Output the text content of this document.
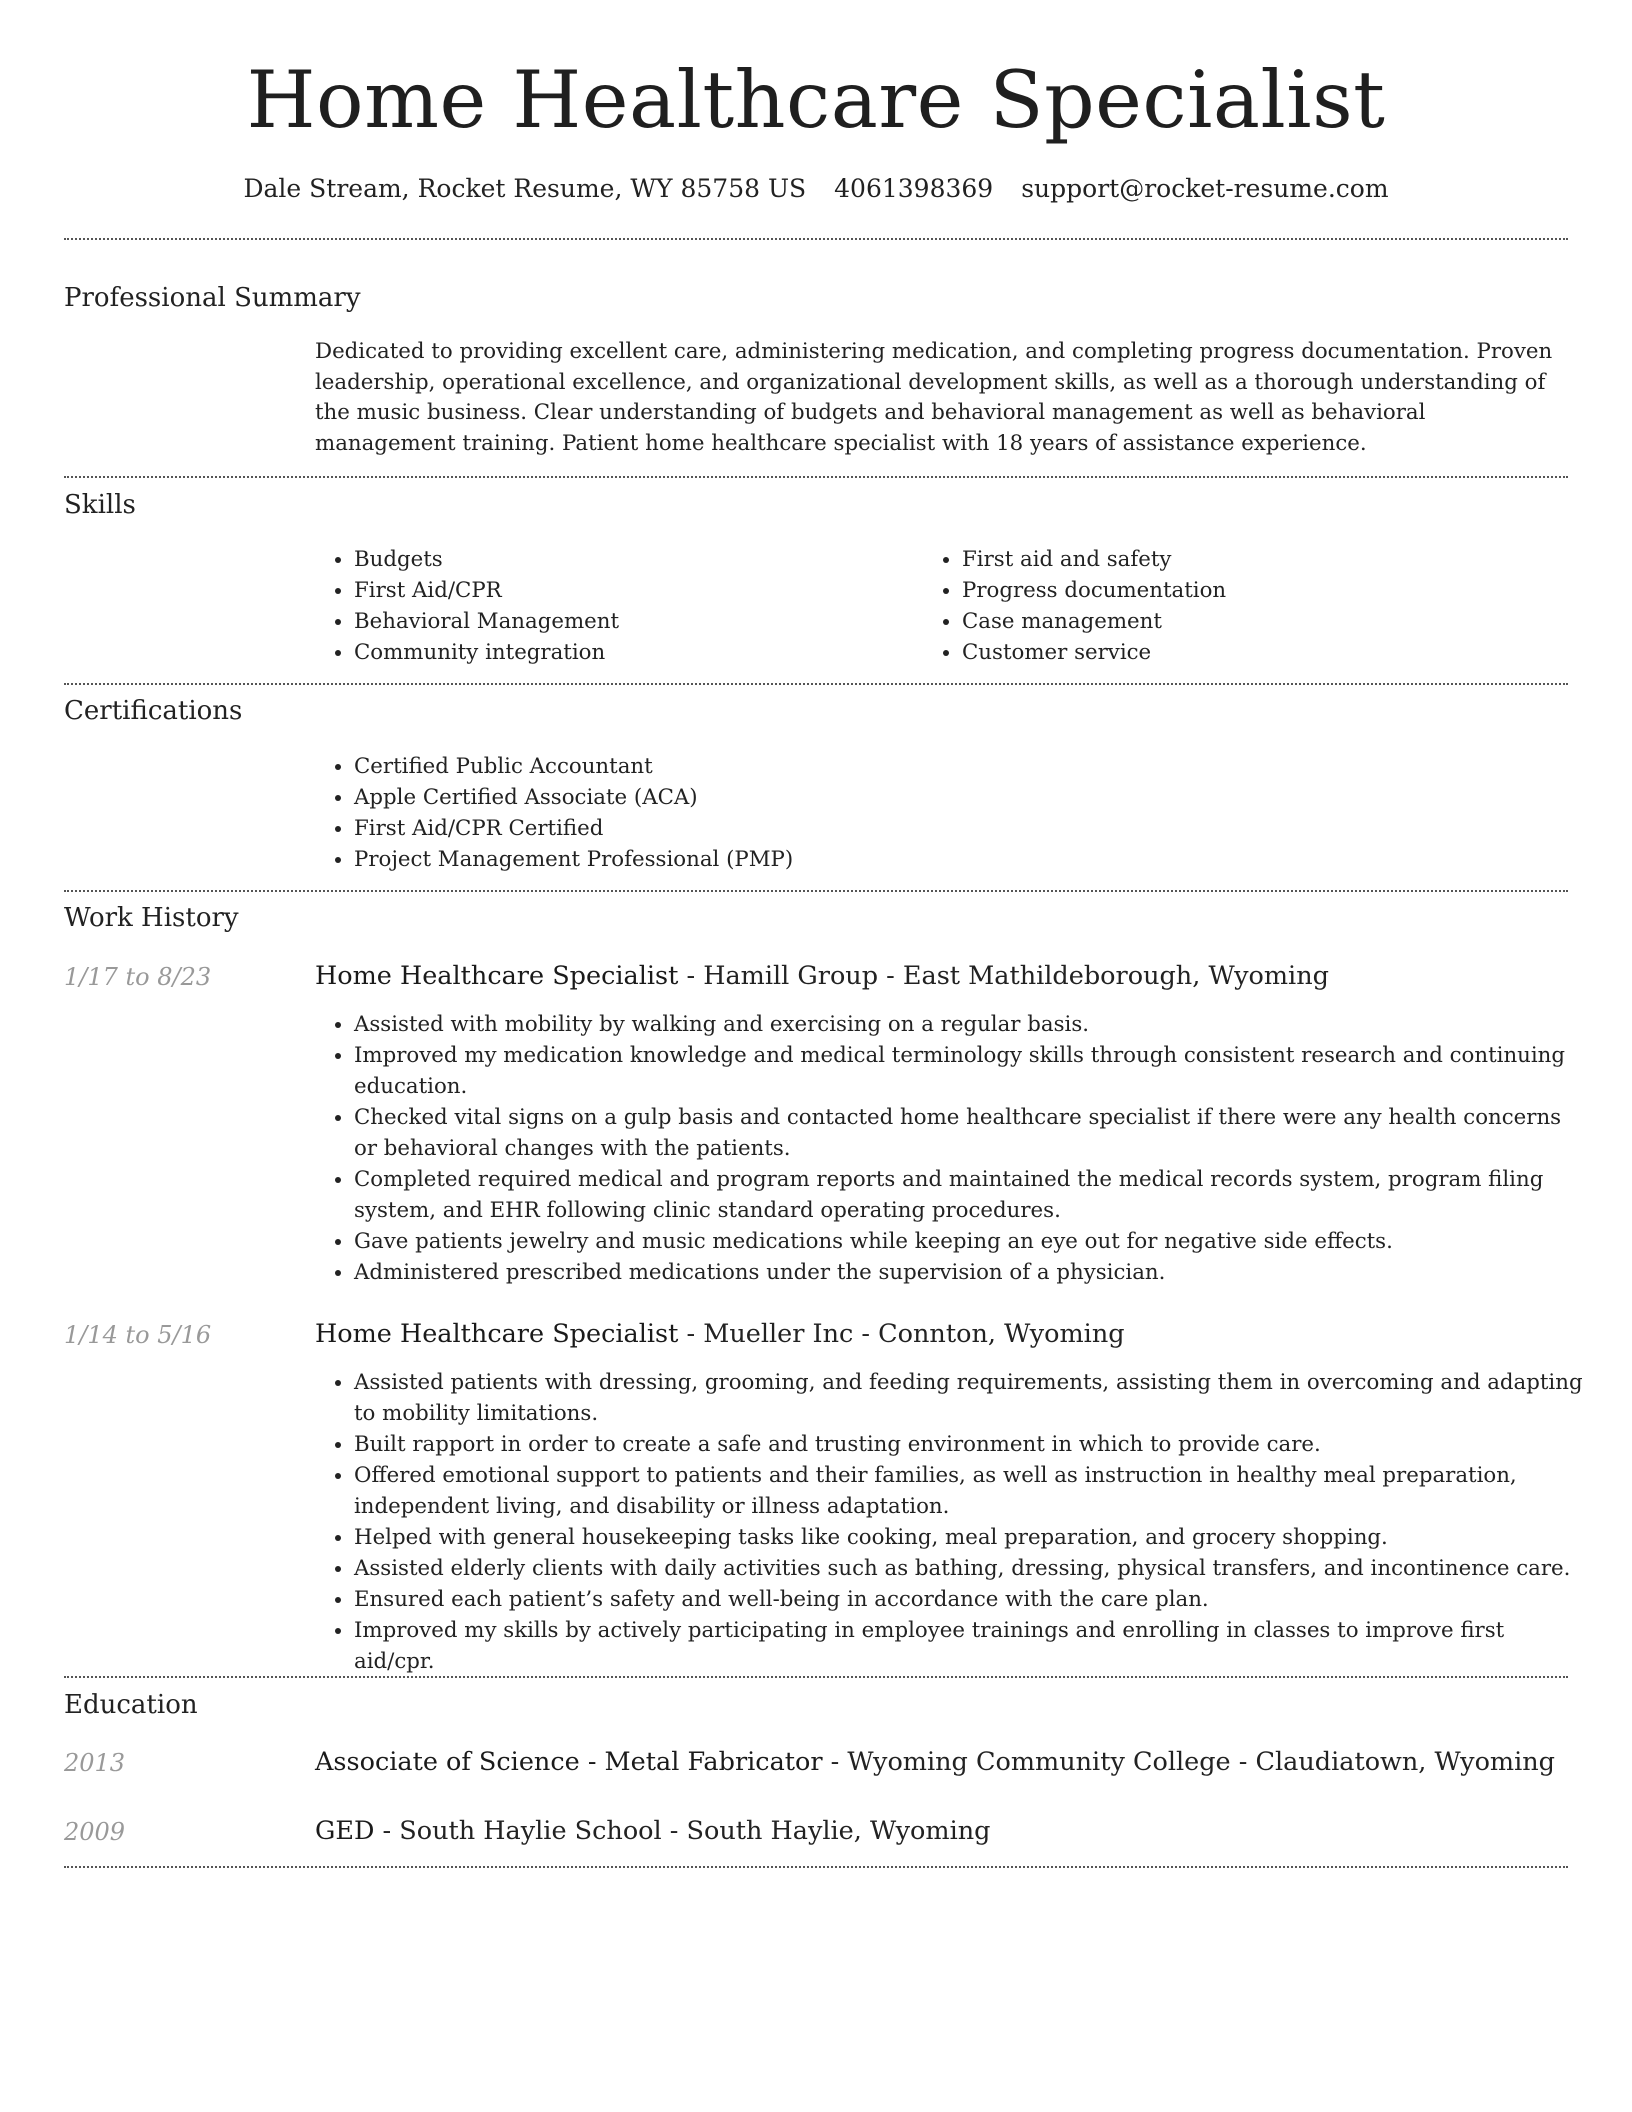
Home Healthcare Specialist
Dale Stream, Rocket Resume, WY 85758 US 4061398369 support@rocket-resume.com
Professional Summary
Dedicated to providing excellent care, administering medication, and completing progress documentation. Proven leadership, operational excellence, and organizational development skills, as well as a thorough understanding of the music business. Clear understanding of budgets and behavioral management as well as behavioral management training. Patient home healthcare specialist with 18 years of assistance experience.
Skills
• Budgets
• First Aid/CPR
• Behavioral Management
• Community integration
• First aid and safety
• Progress documentation
• Case management
• Customer service
Certifications
• Certified Public Accountant
• Apple Certified Associate (ACA)
• First Aid/CPR Certified
• Project Management Professional (PMP)
Work History
1/17 to 8/23	Home Healthcare Specialist - Hamill Group - East Mathildeborough, Wyoming
• Assisted with mobility by walking and exercising on a regular basis.
• Improved my medication knowledge and medical terminology skills through consistent research and continuing education.
• Checked vital signs on a gulp basis and contacted home healthcare specialist if there were any health concerns or behavioral changes with the patients.
• Completed required medical and program reports and maintained the medical records system, program filing system, and EHR following clinic standard operating procedures.
• Gave patients jewelry and music medications while keeping an eye out for negative side effects.
• Administered prescribed medications under the supervision of a physician.
1/14 to 5/16	Home Healthcare Specialist - Mueller Inc - Connton, Wyoming
• Assisted patients with dressing, grooming, and feeding requirements, assisting them in overcoming and adapting to mobility limitations.
• Built rapport in order to create a safe and trusting environment in which to provide care.
• Offered emotional support to patients and their families, as well as instruction in healthy meal preparation, independent living, and disability or illness adaptation.
• Helped with general housekeeping tasks like cooking, meal preparation, and grocery shopping.
• Assisted elderly clients with daily activities such as bathing, dressing, physical transfers, and incontinence care.
• Ensured each patient’s safety and well-being in accordance with the care plan.
• Improved my skills by actively participating in employee trainings and enrolling in classes to improve first aid/cpr.
Education
2013	Associate of Science - Metal Fabricator - Wyoming Community College - Claudiatown, Wyoming
2009	GED - South Haylie School - South Haylie, Wyoming
